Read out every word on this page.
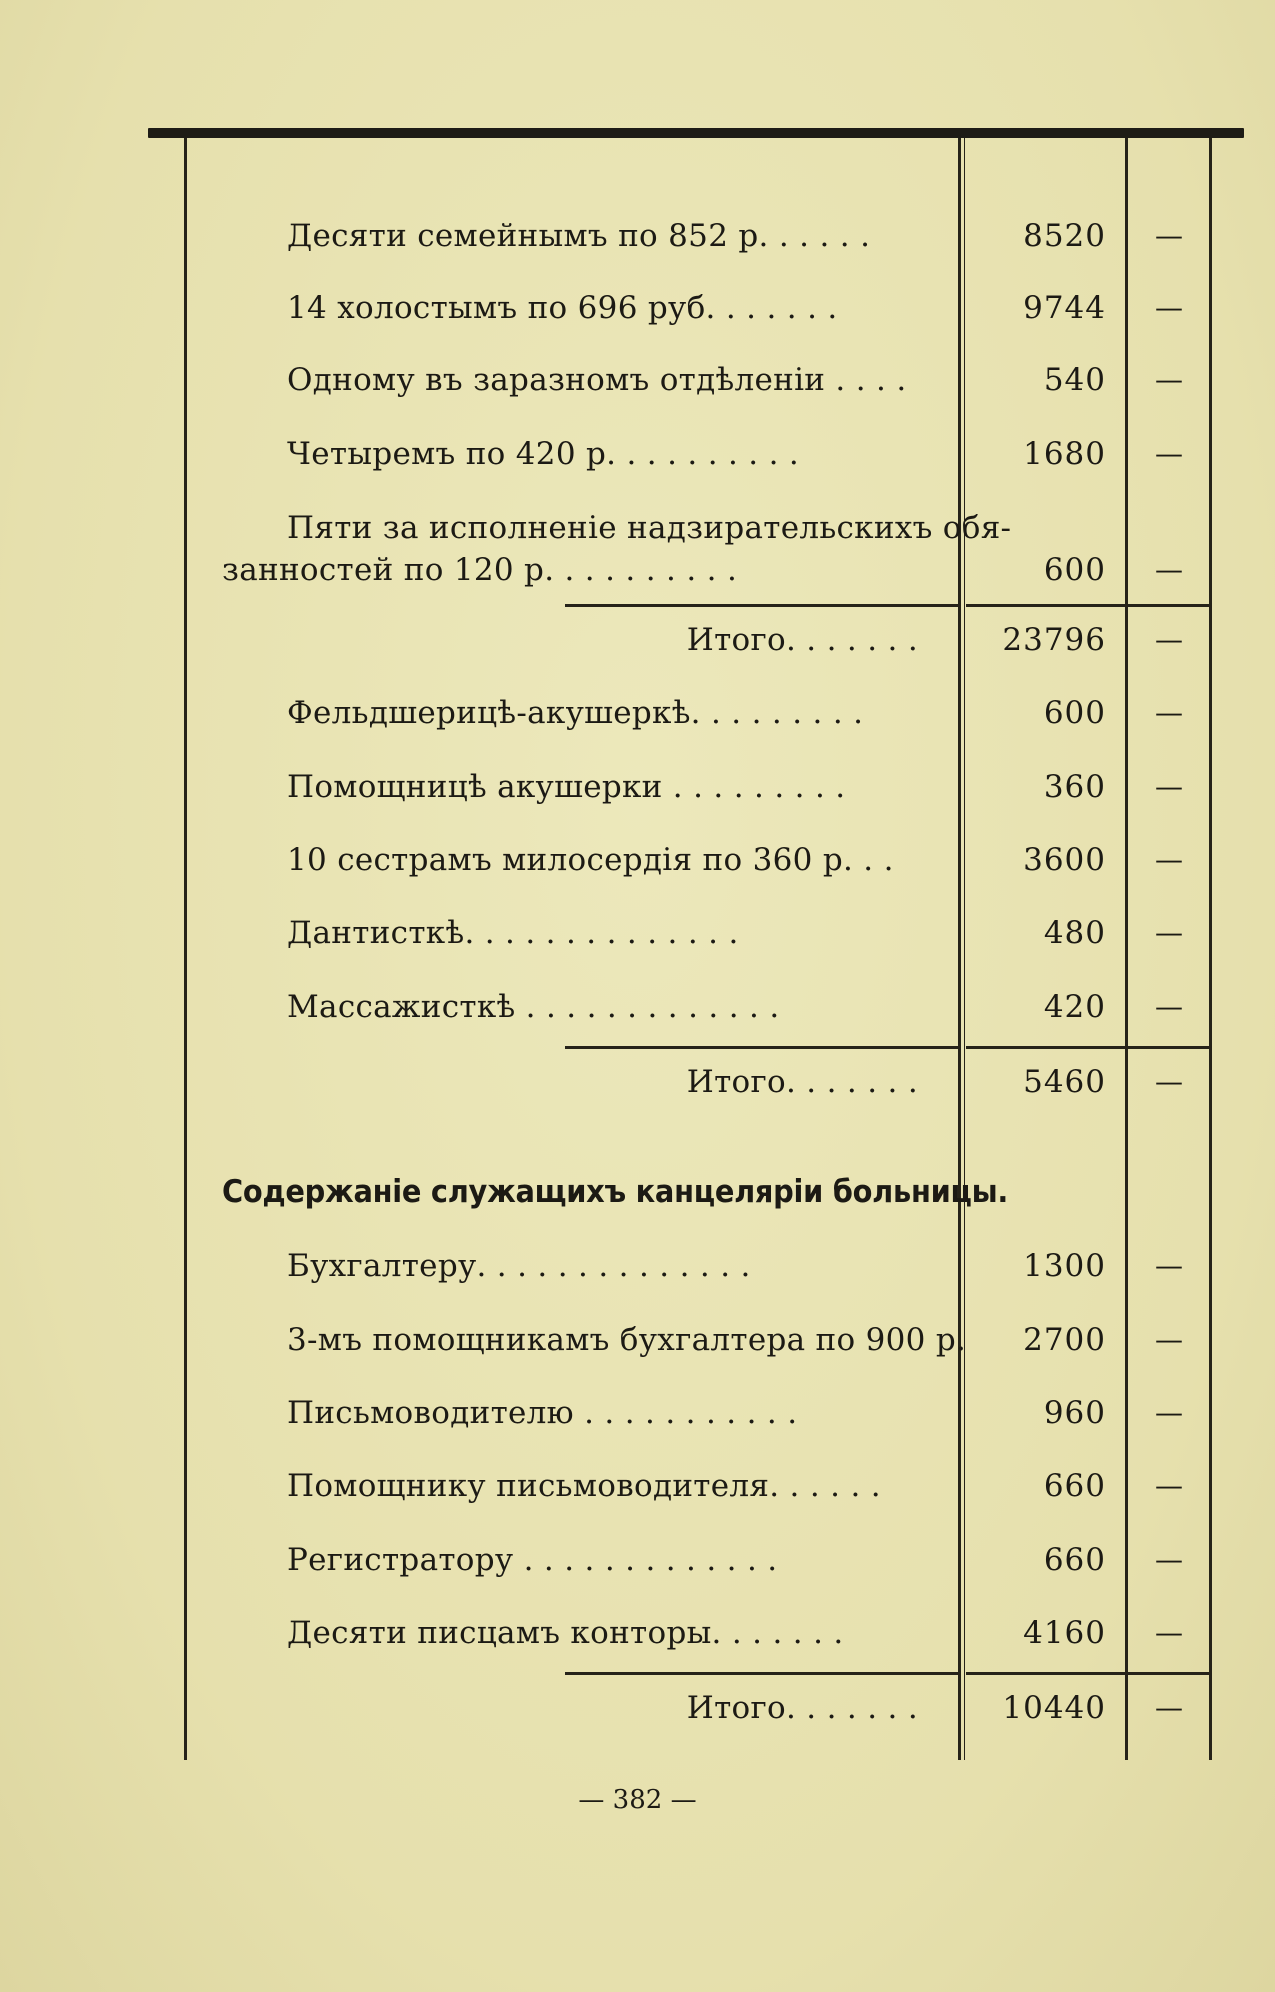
Десяти семейнымъ по 852 р. . . . . .	8520	—
14 холостымъ по 696 руб. . . . . . .	9744	—
Одному въ заразномъ отдѣленіи . . . .	540	—
Четыремъ по 420 р. . . . . . . . . .	1680	—
Пяти за исполненіе надзирательскихъ обя-
занностей по 120 р. . . . . . . . . .	600	—
Итого. . . . . . .	23796	—
Фельдшерицѣ-акушеркѣ. . . . . . . . .	600	—
Помощницѣ акушерки . . . . . . . . .	360	—
10 сестрамъ милосердія по 360 р. . .	3600	—
Дантисткѣ. . . . . . . . . . . . . .	480	—
Массажисткѣ . . . . . . . . . . . . .	420	—
Итого. . . . . . .	5460	—
Содержаніе служащихъ канцеляріи больницы.
Бухгалтеру. . . . . . . . . . . . . .	1300	—
3-мъ помощникамъ бухгалтера по 900 р.	2700	—
Письмоводителю . . . . . . . . . . .	960	—
Помощнику письмоводителя. . . . . .	660	—
Регистратору . . . . . . . . . . . . .	660	—
Десяти писцамъ конторы. . . . . . .	4160	—
Итого. . . . . . .	10440	—
— 382 —
